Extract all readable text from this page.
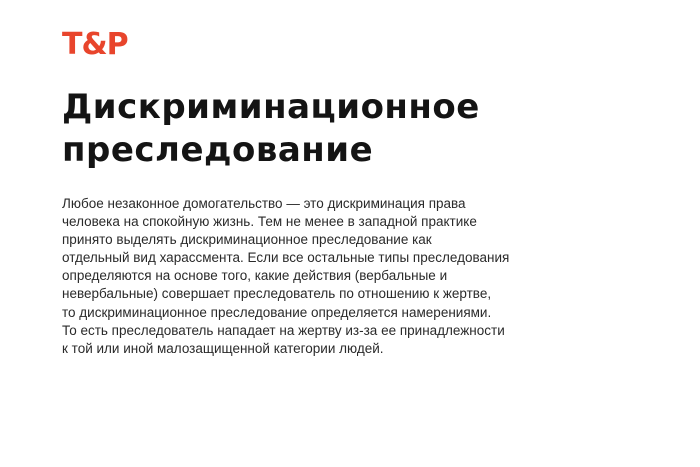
T&P
Дискриминационное
преследование

Любое незаконное домогательство — это дискриминация права
человека на спокойную жизнь. Тем не менее в западной практике
принято выделять дискриминационное преследование как
отдельный вид харассмента. Если все остальные типы преследования
определяются на основе того, какие действия (вербальные и
невербальные) совершает преследователь по отношению к жертве,
то дискриминационное преследование определяется намерениями.
То есть преследователь нападает на жертву из-за ее принадлежности
к той или иной малозащищенной категории людей.
